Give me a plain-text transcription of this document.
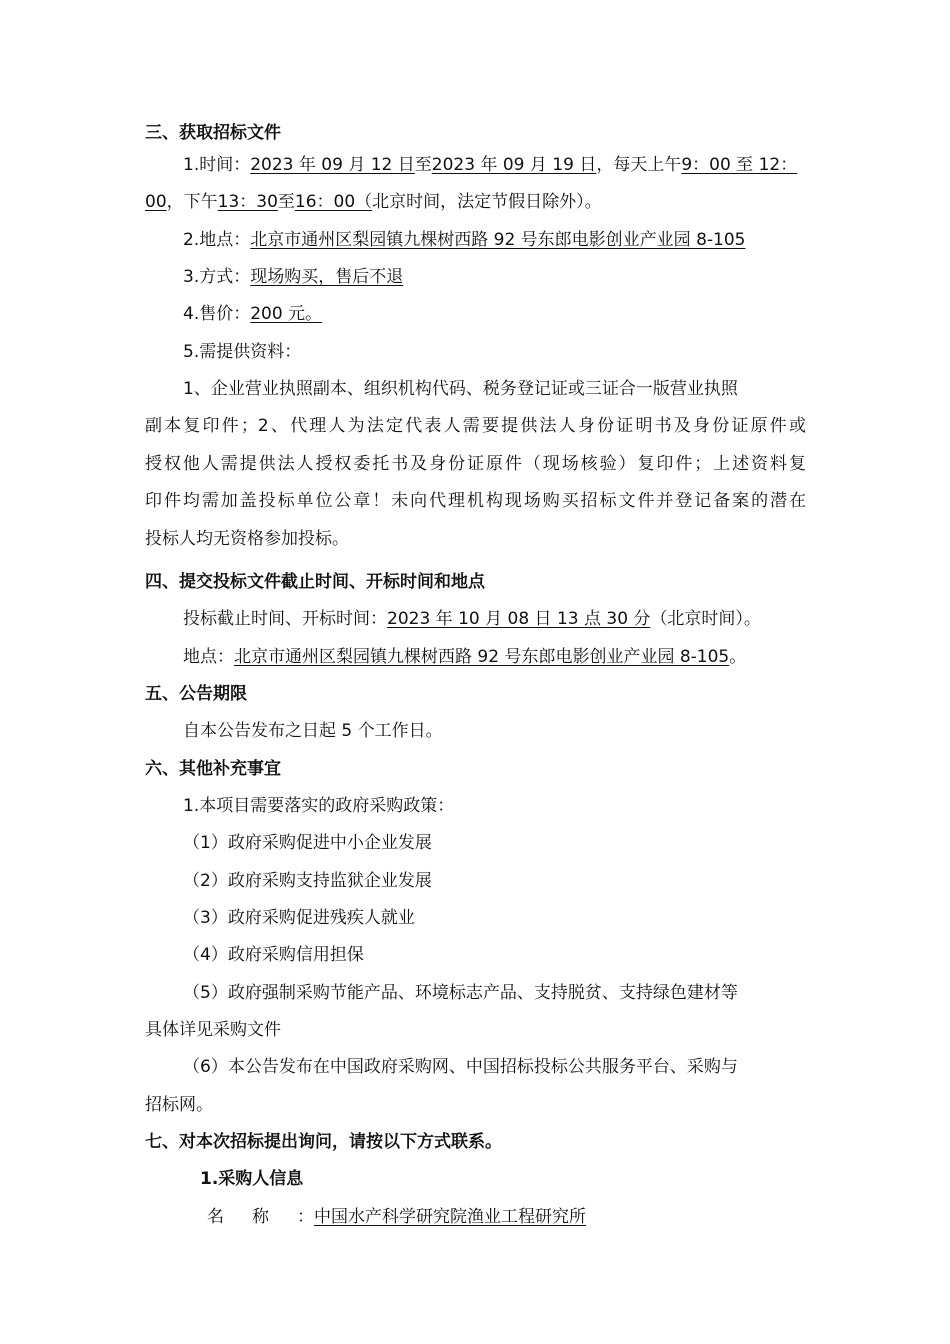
三、获取招标文件
1.时间：2023 年 09 月 12 日至2023 年 09 月 19 日，每天上午9：00 至 12：
00，下午13：30至16：00（北京时间，法定节假日除外）。
2.地点：北京市通州区梨园镇九棵树西路 92 号东郎电影创业产业园 8-105
3.方式：现场购买，售后不退
4.售价：200 元。
5.需提供资料：
1、企业营业执照副本、组织机构代码、税务登记证或三证合一版营业执照
副本复印件；2、代理人为法定代表人需要提供法人身份证明书及身份证原件或
授权他人需提供法人授权委托书及身份证原件（现场核验）复印件；上述资料复
印件均需加盖投标单位公章！未向代理机构现场购买招标文件并登记备案的潜在
投标人均无资格参加投标。
四、提交投标文件截止时间、开标时间和地点
投标截止时间、开标时间：2023 年 10 月 08 日 13 点 30 分（北京时间）。
地点：北京市通州区梨园镇九棵树西路 92 号东郎电影创业产业园 8-105。
五、公告期限
自本公告发布之日起 5 个工作日。
六、其他补充事宜
1.本项目需要落实的政府采购政策：
（1）政府采购促进中小企业发展
（2）政府采购支持监狱企业发展
（3）政府采购促进残疾人就业
（4）政府采购信用担保
（5）政府强制采购节能产品、环境标志产品、支持脱贫、支持绿色建材等
具体详见采购文件
（6）本公告发布在中国政府采购网、中国招标投标公共服务平台、采购与
招标网。
七、对本次招标提出询问，请按以下方式联系。
1.采购人信息
名称：中国水产科学研究院渔业工程研究所
